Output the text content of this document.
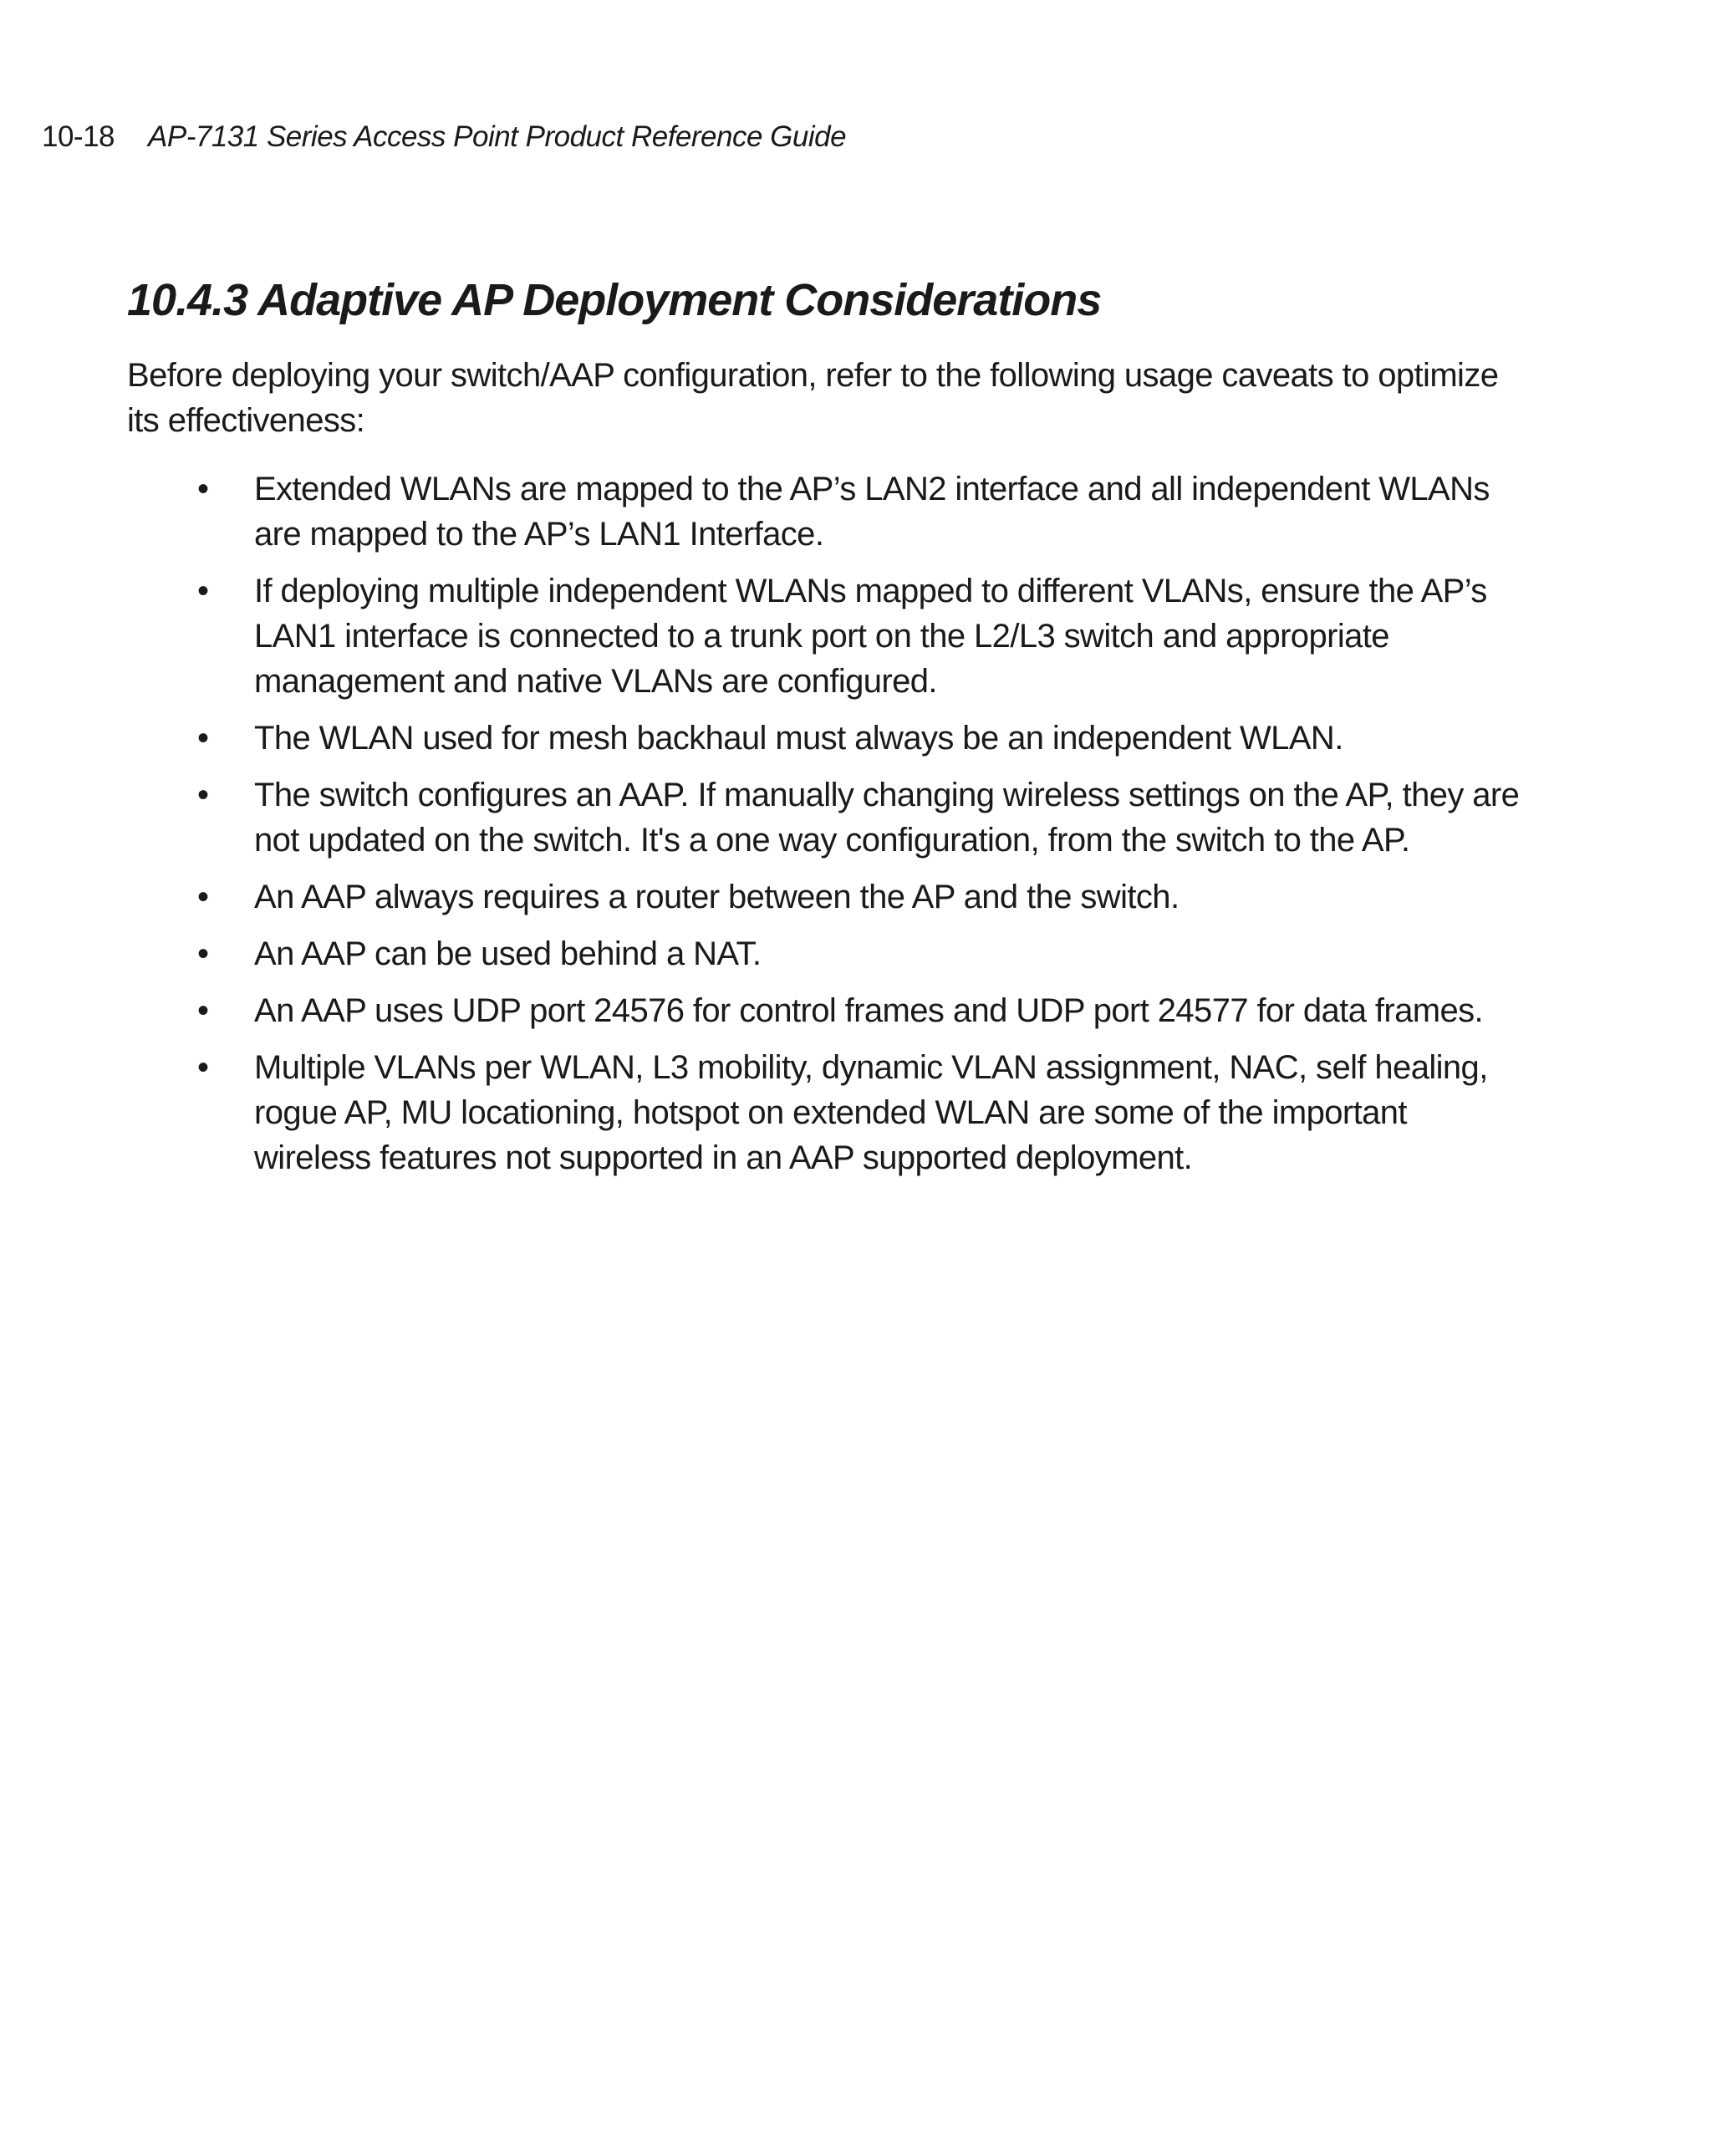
10-18 AP-7131 Series Access Point Product Reference Guide
10.4.3 Adaptive AP Deployment Considerations

Before deploying your switch/AAP configuration, refer to the following usage caveats to optimize its effectiveness:

• Extended WLANs are mapped to the AP’s LAN2 interface and all independent WLANs are mapped to the AP’s LAN1 Interface.
• If deploying multiple independent WLANs mapped to different VLANs, ensure the AP’s LAN1 interface is connected to a trunk port on the L2/L3 switch and appropriate management and native VLANs are configured.
• The WLAN used for mesh backhaul must always be an independent WLAN.
• The switch configures an AAP. If manually changing wireless settings on the AP, they are not updated on the switch. It's a one way configuration, from the switch to the AP.
• An AAP always requires a router between the AP and the switch.
• An AAP can be used behind a NAT.
• An AAP uses UDP port 24576 for control frames and UDP port 24577 for data frames.
• Multiple VLANs per WLAN, L3 mobility, dynamic VLAN assignment, NAC, self healing, rogue AP, MU locationing, hotspot on extended WLAN are some of the important wireless features not supported in an AAP supported deployment.
